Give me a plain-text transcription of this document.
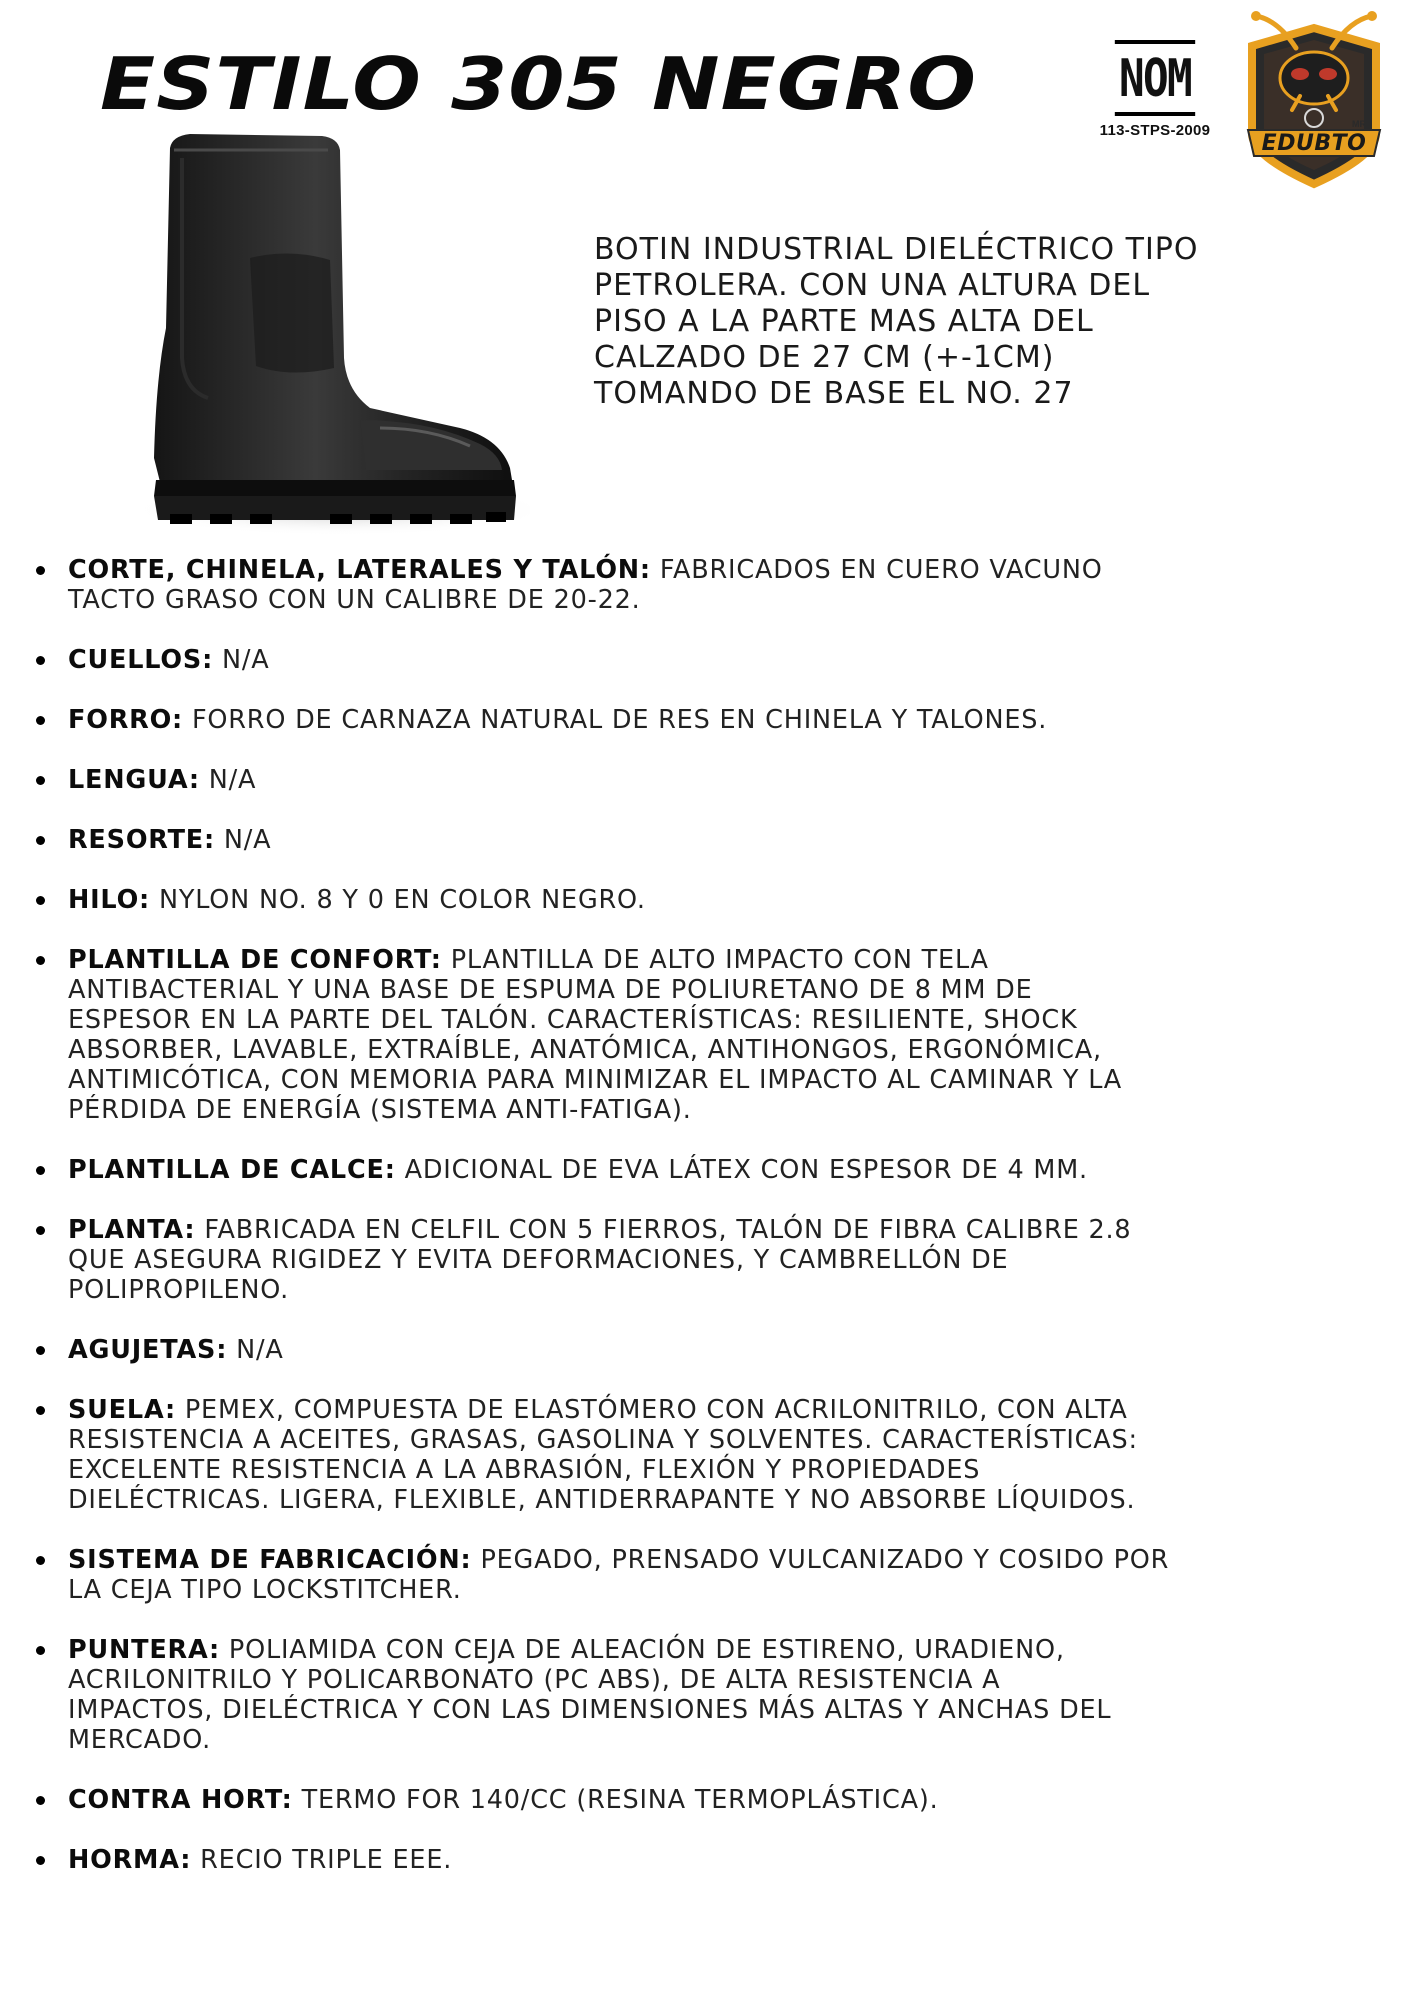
ESTILO 305 NEGRO	NOM
113-STPS-2009
EDUBTO
MR
BOTIN INDUSTRIAL DIELÉCTRICO TIPO
PETROLERA. CON UNA ALTURA DEL
PISO A LA PARTE MAS ALTA DEL
CALZADO DE 27 CM (+-1CM)
TOMANDO DE BASE EL NO. 27
CORTE, CHINELA, LATERALES Y TALÓN: FABRICADOS EN CUERO VACUNO
TACTO GRASO CON UN CALIBRE DE 20-22.
CUELLOS: N/A
FORRO: FORRO DE CARNAZA NATURAL DE RES EN CHINELA Y TALONES.
LENGUA: N/A
RESORTE: N/A
HILO: NYLON NO. 8 Y 0 EN COLOR NEGRO.
PLANTILLA DE CONFORT: PLANTILLA DE ALTO IMPACTO CON TELA
ANTIBACTERIAL Y UNA BASE DE ESPUMA DE POLIURETANO DE 8 MM DE
ESPESOR EN LA PARTE DEL TALÓN. CARACTERÍSTICAS: RESILIENTE, SHOCK
ABSORBER, LAVABLE, EXTRAÍBLE, ANATÓMICA, ANTIHONGOS, ERGONÓMICA,
ANTIMICÓTICA, CON MEMORIA PARA MINIMIZAR EL IMPACTO AL CAMINAR Y LA
PÉRDIDA DE ENERGÍA (SISTEMA ANTI-FATIGA).
PLANTILLA DE CALCE: ADICIONAL DE EVA LÁTEX CON ESPESOR DE 4 MM.
PLANTA: FABRICADA EN CELFIL CON 5 FIERROS, TALÓN DE FIBRA CALIBRE 2.8
QUE ASEGURA RIGIDEZ Y EVITA DEFORMACIONES, Y CAMBRELLÓN DE
POLIPROPILENO.
AGUJETAS: N/A
SUELA: PEMEX, COMPUESTA DE ELASTÓMERO CON ACRILONITRILO, CON ALTA
RESISTENCIA A ACEITES, GRASAS, GASOLINA Y SOLVENTES. CARACTERÍSTICAS:
EXCELENTE RESISTENCIA A LA ABRASIÓN, FLEXIÓN Y PROPIEDADES
DIELÉCTRICAS. LIGERA, FLEXIBLE, ANTIDERRAPANTE Y NO ABSORBE LÍQUIDOS.
SISTEMA DE FABRICACIÓN: PEGADO, PRENSADO VULCANIZADO Y COSIDO POR
LA CEJA TIPO LOCKSTITCHER.
PUNTERA: POLIAMIDA CON CEJA DE ALEACIÓN DE ESTIRENO, URADIENO,
ACRILONITRILO Y POLICARBONATO (PC ABS), DE ALTA RESISTENCIA A
IMPACTOS, DIELÉCTRICA Y CON LAS DIMENSIONES MÁS ALTAS Y ANCHAS DEL
MERCADO.
CONTRA HORT: TERMO FOR 140/CC (RESINA TERMOPLÁSTICA).
HORMA: RECIO TRIPLE EEE.
